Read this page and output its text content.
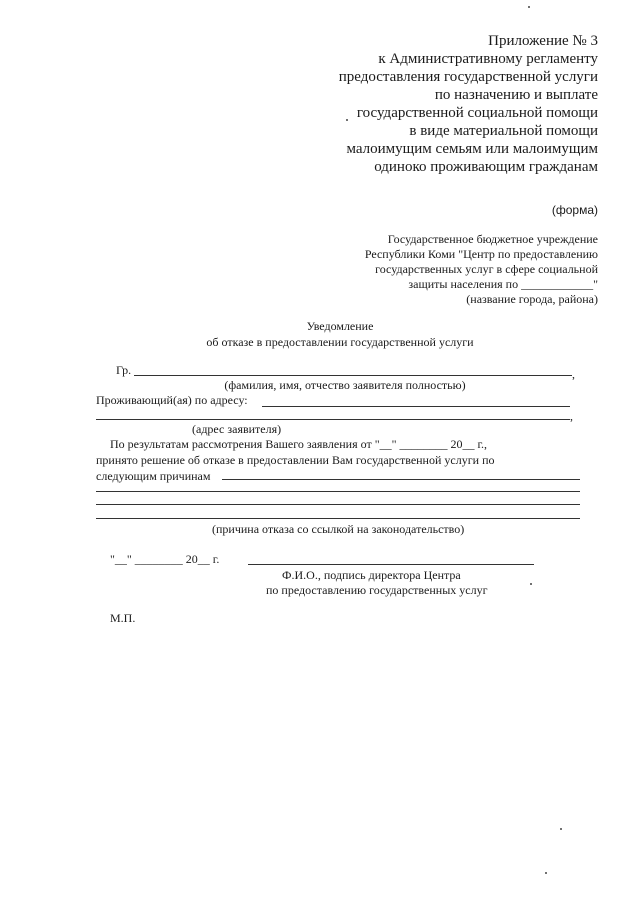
Приложение № 3
к Административному регламенту
предоставления государственной услуги
по назначению и выплате
государственной социальной помощи
в виде материальной помощи
малоимущим семьям или малоимущим
одиноко проживающим гражданам
(форма)
Государственное бюджетное учреждение
Республики Коми "Центр по предоставлению
государственных услуг в сфере социальной
защиты населения по ____________"
(название города, района)
Уведомление
об отказе в предоставлении государственной услуги
Гр.	,
(фамилия, имя, отчество заявителя полностью)
Проживающий(ая) по адресу:
,
(адрес заявителя)
По результатам рассмотрения Вашего заявления от "__" ________ 20__ г.,
принято решение об отказе в предоставлении Вам государственной услуги по
следующим причинам
(причина отказа со ссылкой на законодательство)
"__" ________ 20__ г.
Ф.И.О., подпись директора Центра
по предоставлению государственных услуг
М.П.
